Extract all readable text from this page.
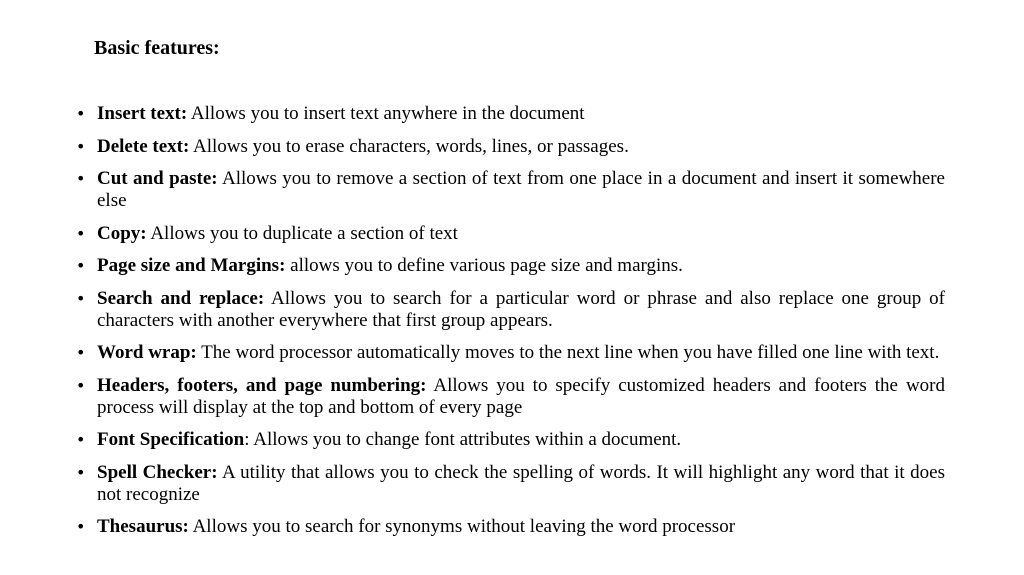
Basic features:
• Insert text: Allows you to insert text anywhere in the document
• Delete text: Allows you to erase characters, words, lines, or passages.
• Cut and paste: Allows you to remove a section of text from one place in a document and insert it somewhere else
• Copy: Allows you to duplicate a section of text
• Page size and Margins: allows you to define various page size and margins.
• Search and replace: Allows you to search for a particular word or phrase and also replace one group of characters with another everywhere that first group appears.
• Word wrap: The word processor automatically moves to the next line when you have filled one line with text.
• Headers, footers, and page numbering: Allows you to specify customized headers and footers the word process will display at the top and bottom of every page
• Font Specification: Allows you to change font attributes within a document.
• Spell Checker: A utility that allows you to check the spelling of words. It will highlight any word that it does not recognize
• Thesaurus: Allows you to search for synonyms without leaving the word processor
